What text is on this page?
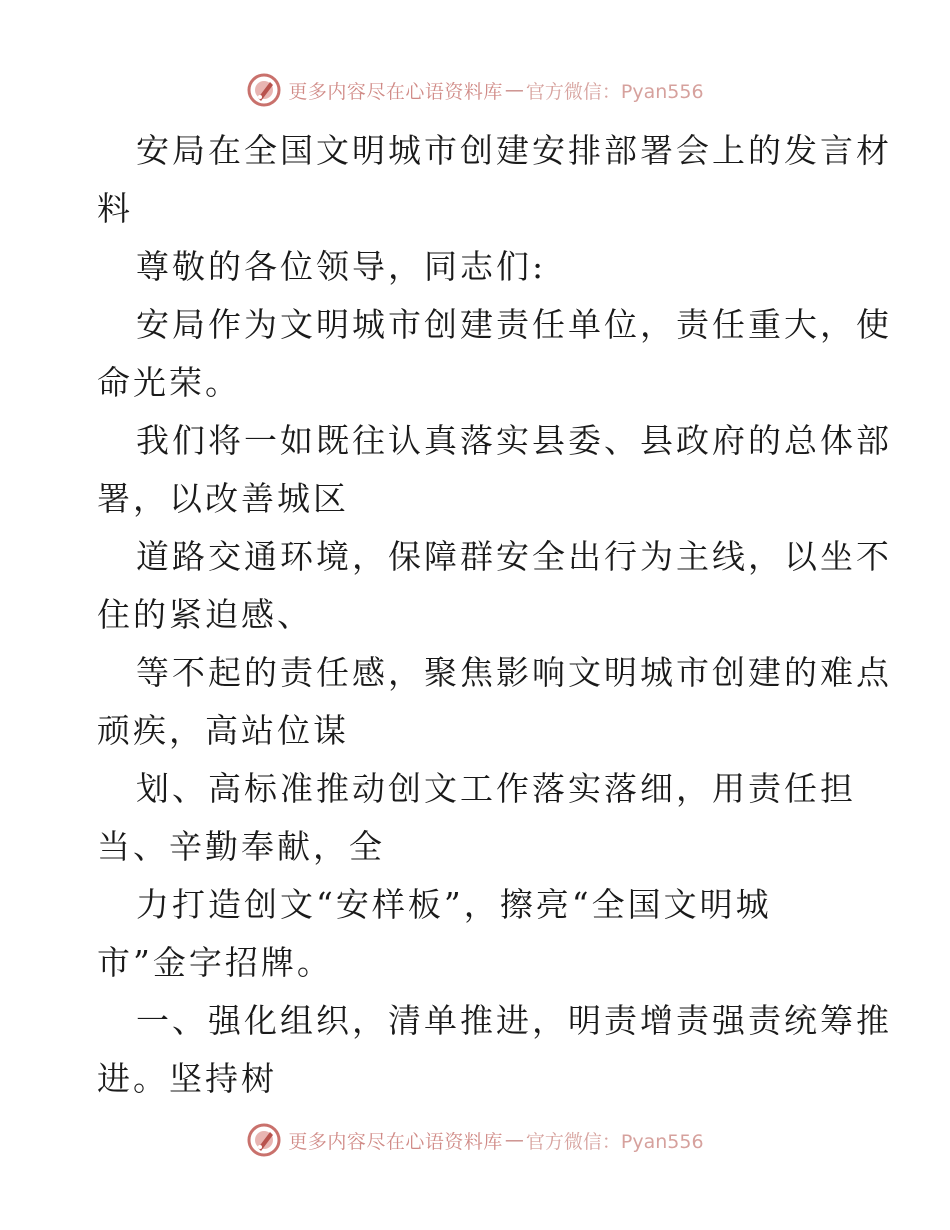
更多内容尽在心语资料库 — 官方微信：Pyan556

安局在全国文明城市创建安排部署会上的发言材
料

尊敬的各位领导，同志们:

安局作为文明城市创建责任单位，责任重大，使
命光荣。

我们将一如既往认真落实县委、县政府的总体部
署，以改善城区

道路交通环境，保障群安全出行为主线，以坐不
住的紧迫感、

等不起的责任感，聚焦影响文明城市创建的难点
顽疾，高站位谋

划、高标准推动创文工作落实落细，用责任担
当、辛勤奉献，全

力打造创文“安样板”，擦亮“全国文明城
市”金字招牌。

一、强化组织，清单推进，明责增责强责统筹推
进。坚持树

更多内容尽在心语资料库 — 官方微信：Pyan556
